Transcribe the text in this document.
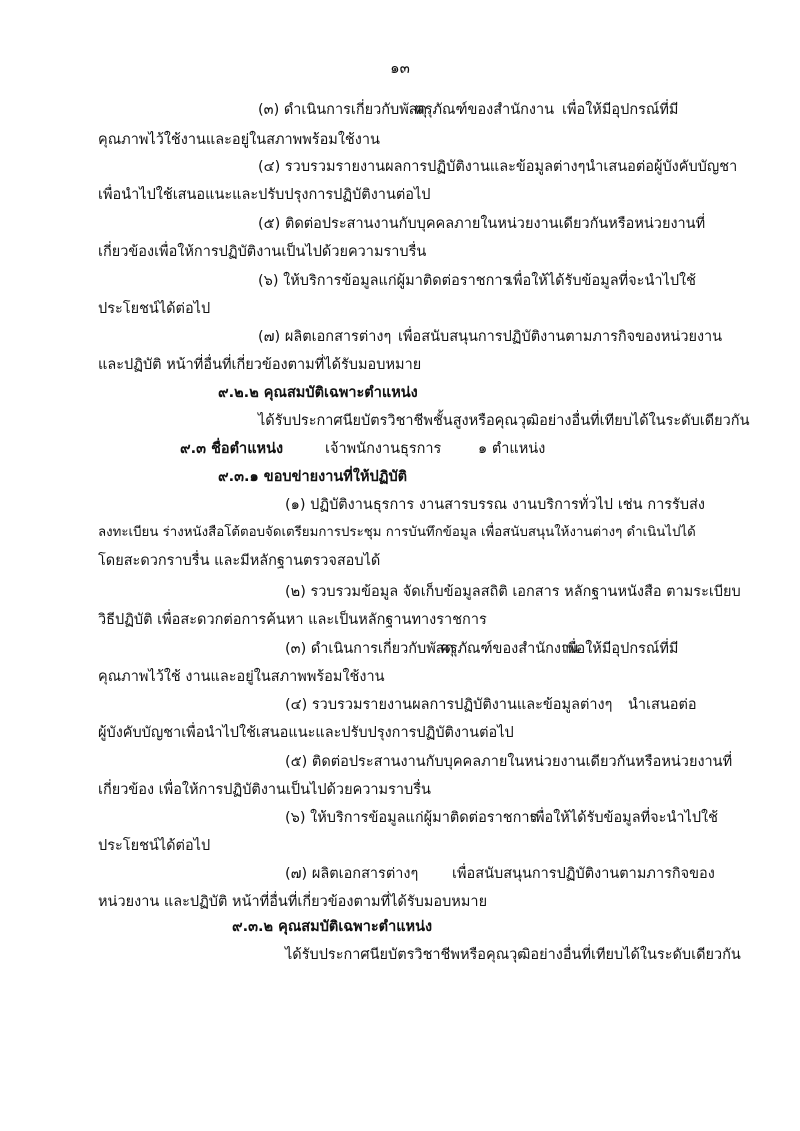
๑๓
(๓) ดำเนินการเกี่ยวกับพัสดุ
ครุภัณฑ์ของสำนักงาน เพื่อให้มีอุปกรณ์ที่มี
คุณภาพไว้ใช้งานและอยู่ในสภาพพร้อมใช้งาน
(๔) รวบรวมรายงานผลการปฏิบัติงานและข้อมูลต่างๆนำเสนอต่อผู้บังคับบัญชา
เพื่อนำไปใช้เสนอแนะและปรับปรุงการปฏิบัติงานต่อไป
(๕) ติดต่อประสานงานกับบุคคลภายในหน่วยงานเดียวกันหรือหน่วยงานที่
เกี่ยวข้องเพื่อให้การปฏิบัติงานเป็นไปด้วยความราบรื่น
(๖) ให้บริการข้อมูลแก่ผู้มาติดต่อราชการ
เพื่อให้ได้รับข้อมูลที่จะนำไปใช้
ประโยชน์ได้ต่อไป
(๗) ผลิตเอกสารต่างๆ เพื่อสนับสนุนการปฏิบัติงานตามภารกิจของหน่วยงาน
และปฏิบัติ หน้าที่อื่นที่เกี่ยวข้องตามที่ได้รับมอบหมาย
๙.๒.๒ คุณสมบัติเฉพาะตำแหน่ง
ได้รับประกาศนียบัตรวิชาชีพชั้นสูงหรือคุณวุฒิอย่างอื่นที่เทียบได้ในระดับเดียวกัน
๙.๓ ชื่อตำแหน่ง	เจ้าพนักงานธุรการ	๑ ตำแหน่ง
๙.๓.๑ ขอบข่ายงานที่ให้ปฏิบัติ
(๑) ปฏิบัติงานธุรการ งานสารบรรณ งานบริการทั่วไป เช่น การรับส่ง
ลงทะเบียน ร่างหนังสือโต้ตอบจัดเตรียมการประชุม การบันทึกข้อมูล เพื่อสนับสนุนให้งานต่างๆ ดำเนินไปได้
โดยสะดวกราบรื่น และมีหลักฐานตรวจสอบได้
(๒) รวบรวมข้อมูล จัดเก็บข้อมูลสถิติ เอกสาร หลักฐานหนังสือ ตามระเบียบ
วิธีปฏิบัติ เพื่อสะดวกต่อการค้นหา และเป็นหลักฐานทางราชการ
(๓) ดำเนินการเกี่ยวกับพัสดุ
ครุภัณฑ์ของสำนักงาน
เพื่อให้มีอุปกรณ์ที่มี
คุณภาพไว้ใช้ งานและอยู่ในสภาพพร้อมใช้งาน
(๔) รวบรวมรายงานผลการปฏิบัติงานและข้อมูลต่างๆ นำเสนอต่อ
ผู้บังคับบัญชาเพื่อนำไปใช้เสนอแนะและปรับปรุงการปฏิบัติงานต่อไป
(๕) ติดต่อประสานงานกับบุคคลภายในหน่วยงานเดียวกันหรือหน่วยงานที่
เกี่ยวข้อง เพื่อให้การปฏิบัติงานเป็นไปด้วยความราบรื่น
(๖) ให้บริการข้อมูลแก่ผู้มาติดต่อราชการ
เพื่อให้ได้รับข้อมูลที่จะนำไปใช้
ประโยชน์ได้ต่อไป
(๗) ผลิตเอกสารต่างๆ เพื่อสนับสนุนการปฏิบัติงานตามภารกิจของ
หน่วยงาน และปฏิบัติ หน้าที่อื่นที่เกี่ยวข้องตามที่ได้รับมอบหมาย
๙.๓.๒ คุณสมบัติเฉพาะตำแหน่ง
ได้รับประกาศนียบัตรวิชาชีพหรือคุณวุฒิอย่างอื่นที่เทียบได้ในระดับเดียวกัน
